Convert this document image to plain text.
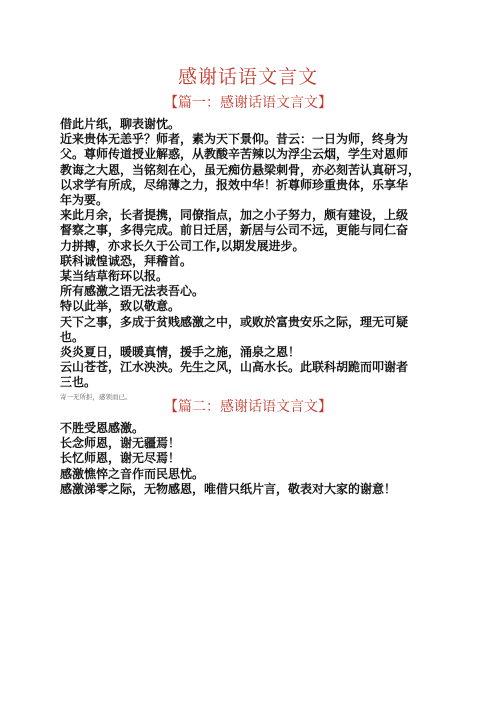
感谢话语文言文
【篇一：感谢话语文言文】
借此片纸，聊表谢忱。
近来贵体无恙乎？师者，素为天下景仰。昔云：一日为师，终身为
父。尊师传道授业解惑，从教酸辛苦辣以为浮尘云烟，学生对恩师
教诲之大恩，当铭刻在心，虽无痴仿悬梁刺骨，亦必刻苦认真研习，
以求学有所成，尽绵薄之力，报效中华！祈尊师珍重贵体，乐享华
年为要。
来此月余，长者提携，同僚指点，加之小子努力，颇有建设，上级
督察之事，多得完成。前日迁居，新居与公司不远，更能与同仁奋
力拼搏，亦求长久于公司工作,以期发展进步。
联科诚惶诚恐，拜稽首。
某当结草衔环以报。
所有感激之语无法表吾心。
特以此举，致以敬意。
天下之事，多成于贫贱感激之中，或败於富贵安乐之际，理无可疑
也。
炎炎夏日，暖暖真情，援手之施，涌泉之恩！
云山苍苍，江水泱泱。先生之风，山高水长。此联科胡跪而叩谢者
三也。
寄一无所拒，感领而已。
【篇二：感谢话语文言文】
不胜受恩感激。
长念师恩，谢无疆焉！
长忆师恩，谢无尽焉！
感激憔悴之音作而民思忧。
感激涕零之际，无物感恩，唯借只纸片言，敬表对大家的谢意！
